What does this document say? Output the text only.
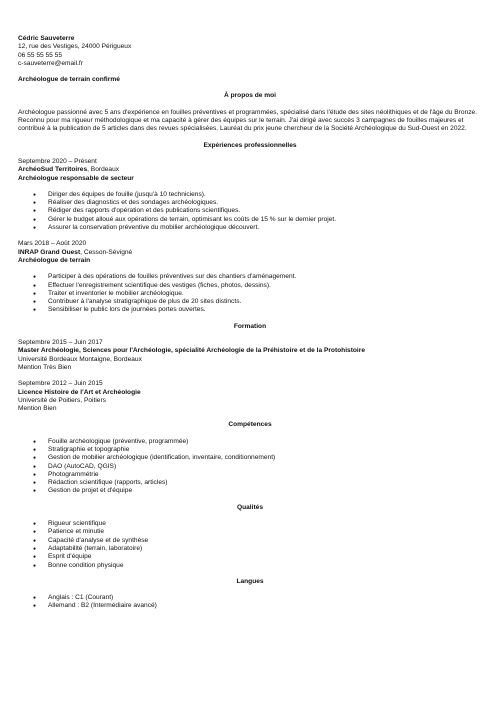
Cédric Sauveterre

12, rue des Vestiges, 24000 Périgueux

06 55 55 55 55

c-sauveterre@email.fr

Archéologue de terrain confirmé

À propos de moi

Archéologue passionné avec 5 ans d'expérience en fouilles préventives et programmées, spécialisé dans l'étude des sites néolithiques et de l'âge du Bronze. Reconnu pour ma rigueur méthodologique et ma capacité à gérer des équipes sur le terrain. J'ai dirigé avec succès 3 campagnes de fouilles majeures et contribué à la publication de 5 articles dans des revues spécialisées. Lauréat du prix jeune chercheur de la Société Archéologique du Sud-Ouest en 2022.

Expériences professionnelles

Septembre 2020 – Présent

ArchéoSud Territoires, Bordeaux

Archéologue responsable de secteur

● Diriger des équipes de fouille (jusqu'à 10 techniciens).
● Réaliser des diagnostics et des sondages archéologiques.
● Rédiger des rapports d'opération et des publications scientifiques.
● Gérer le budget alloué aux opérations de terrain, optimisant les coûts de 15 % sur le dernier projet.
● Assurer la conservation préventive du mobilier archéologique découvert.

Mars 2018 – Août 2020

INRAP Grand Ouest, Cesson-Sévigné

Archéologue de terrain

● Participer à des opérations de fouilles préventives sur des chantiers d'aménagement.
● Effectuer l'enregistrement scientifique des vestiges (fiches, photos, dessins).
● Traiter et inventorier le mobilier archéologique.
● Contribuer à l'analyse stratigraphique de plus de 20 sites distincts.
● Sensibiliser le public lors de journées portes ouvertes.

Formation

Septembre 2015 – Juin 2017

Master Archéologie, Sciences pour l'Archéologie, spécialité Archéologie de la Préhistoire et de la Protohistoire

Université Bordeaux Montaigne, Bordeaux

Mention Très Bien

Septembre 2012 – Juin 2015

Licence Histoire de l'Art et Archéologie

Université de Poitiers, Poitiers

Mention Bien

Compétences

● Fouille archéologique (préventive, programmée)
● Stratigraphie et topographie
● Gestion de mobilier archéologique (identification, inventaire, conditionnement)
● DAO (AutoCAD, QGIS)
● Photogrammétrie
● Rédaction scientifique (rapports, articles)
● Gestion de projet et d'équipe

Qualités

● Rigueur scientifique
● Patience et minutie
● Capacité d'analyse et de synthèse
● Adaptabilité (terrain, laboratoire)
● Esprit d'équipe
● Bonne condition physique

Langues

● Anglais : C1 (Courant)
● Allemand : B2 (Intermédiaire avancé)
